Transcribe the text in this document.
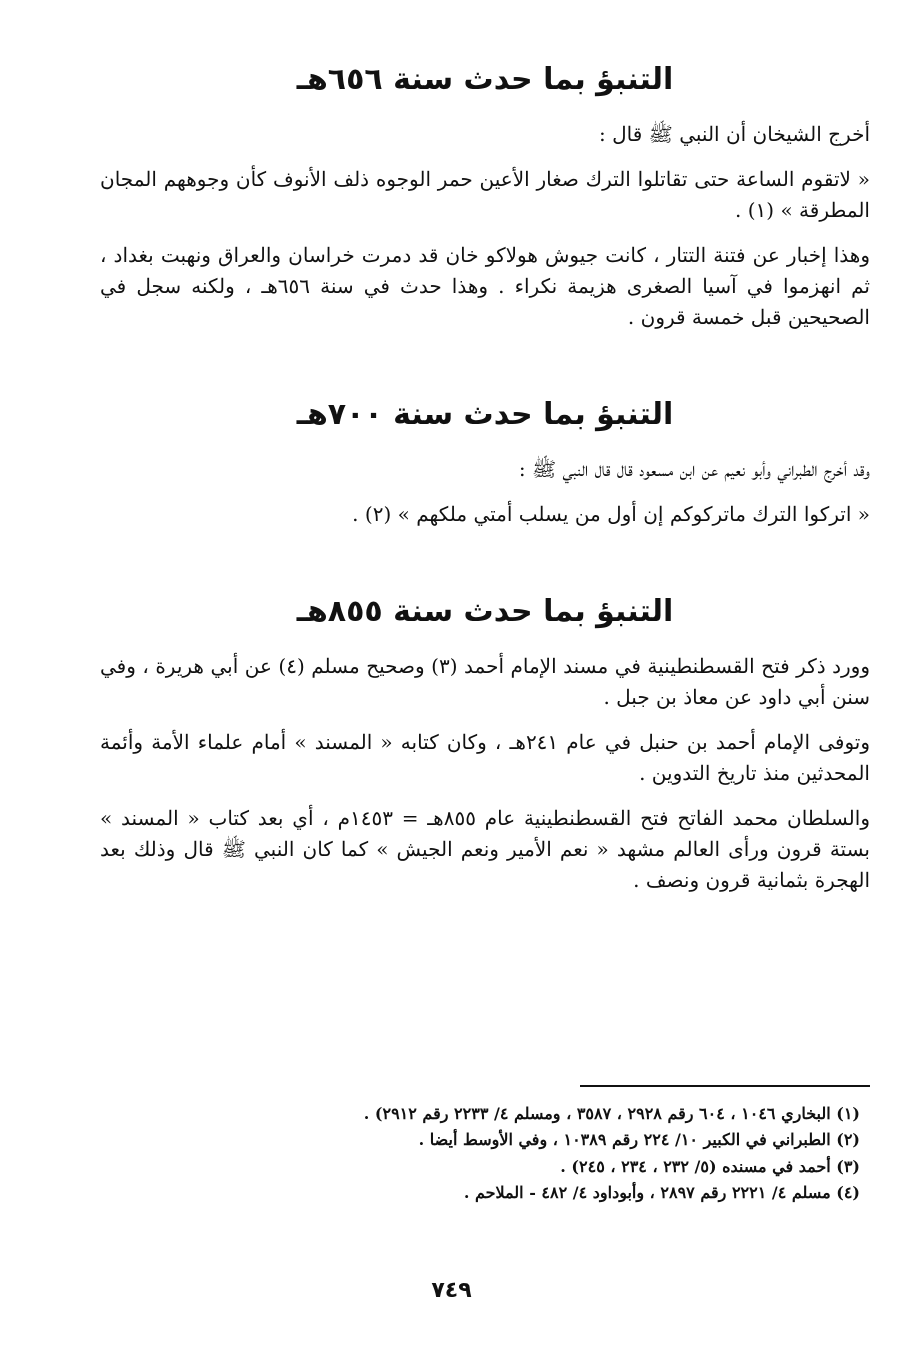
التنبؤ بما حدث سنة ٦٥٦هـ

أخرج الشيخان أن النبي ﷺ قال :

« لاتقوم الساعة حتى تقاتلوا الترك صغار الأعين حمر الوجوه ذلف الأنوف كأن وجوههم المجان المطرقة » (١) .

وهذا إخبار عن فتنة التتار ، كانت جيوش هولاكو خان قد دمرت خراسان والعراق ونهبت بغداد ، ثم انهزموا في آسيا الصغرى هزيمة نكراء . وهذا حدث في سنة ٦٥٦هـ ، ولكنه سجل في الصحيحين قبل خمسة قرون .

التنبؤ بما حدث سنة ٧٠٠هـ

وقد أخرج الطبراني وأبو نعيم عن ابن مسعود قال قال النبي ﷺ :

« اتركوا الترك ماتركوكم إن أول من يسلب أمتي ملكهم » (٢) .

التنبؤ بما حدث سنة ٨٥٥هـ

وورد ذكر فتح القسطنطينية في مسند الإمام أحمد (٣) وصحيح مسلم (٤) عن أبي هريرة ، وفي سنن أبي داود عن معاذ بن جبل .

وتوفى الإمام أحمد بن حنبل في عام ٢٤١هـ ، وكان كتابه « المسند » أمام علماء الأمة وأئمة المحدثين منذ تاريخ التدوين .

والسلطان محمد الفاتح فتح القسطنطينية عام ٨٥٥هـ = ١٤٥٣م ، أي بعد كتاب « المسند » بستة قرون ورأى العالم مشهد « نعم الأمير ونعم الجيش » كما كان النبي ﷺ قال وذلك بعد الهجرة بثمانية قرون ونصف .

(١) البخاري ١٠٤٦ ، ٦٠٤ رقم ٢٩٢٨ ، ٣٥٨٧ ، ومسلم ٤/ ٢٢٣٣ رقم ٢٩١٢) .
(٢) الطبراني في الكبير ١٠/ ٢٢٤ رقم ١٠٣٨٩ ، وفي الأوسط أيضا .
(٣) أحمد في مسنده (٥/ ٢٣٢ ، ٢٣٤ ، ٢٤٥) .
(٤) مسلم ٤/ ٢٢٢١ رقم ٢٨٩٧ ، وأبوداود ٤/ ٤٨٢ - الملاحم .
٧٤٩
